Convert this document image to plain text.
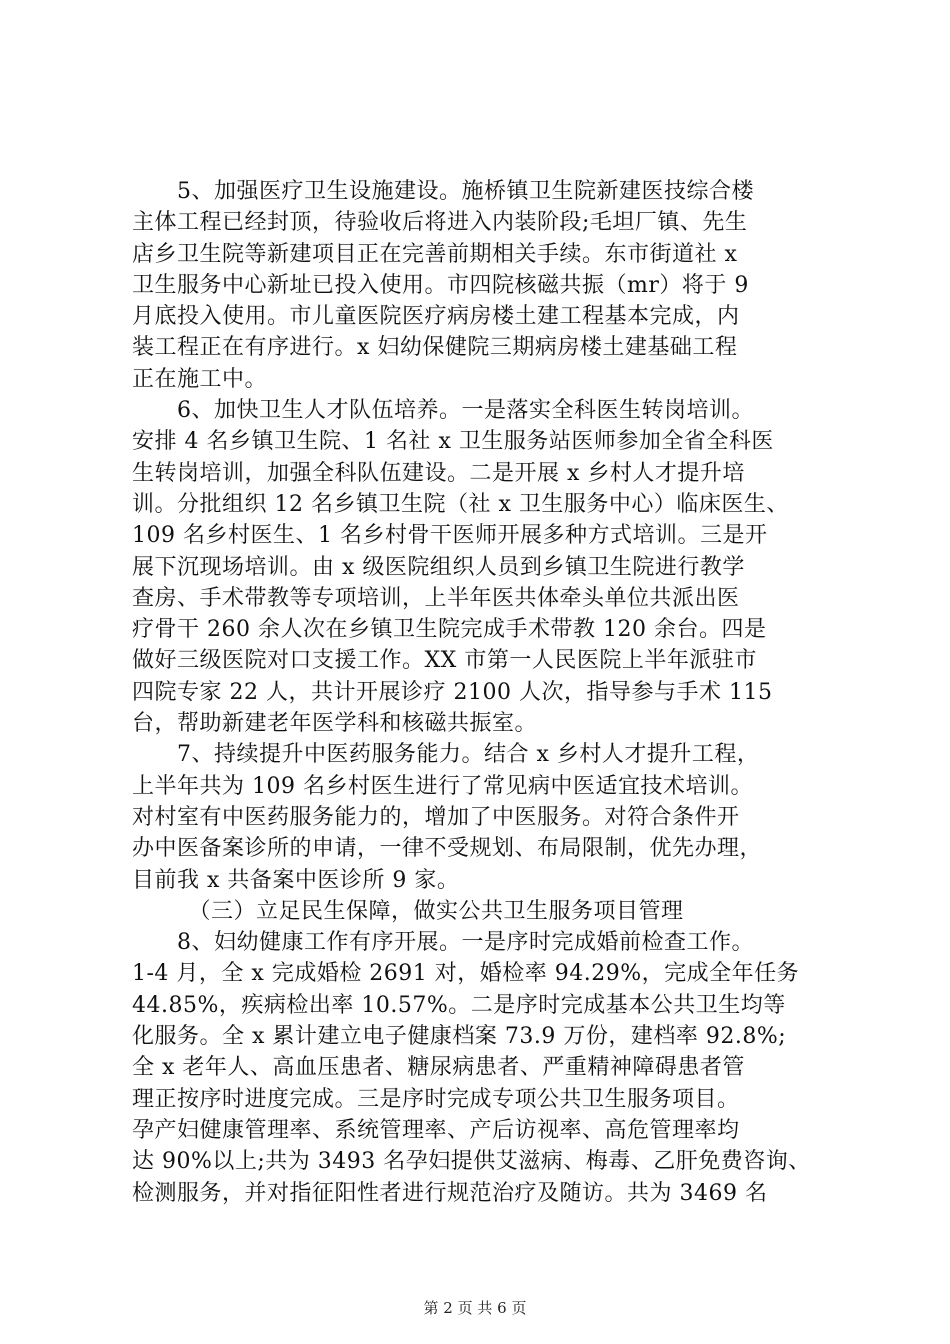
　　5、加强医疗卫生设施建设。施桥镇卫生院新建医技综合楼
主体工程已经封顶，待验收后将进入内装阶段;毛坦厂镇、先生
店乡卫生院等新建项目正在完善前期相关手续。东市街道社 x
卫生服务中心新址已投入使用。市四院核磁共振（mr）将于 9
月底投入使用。市儿童医院医疗病房楼土建工程基本完成，内
装工程正在有序进行。x 妇幼保健院三期病房楼土建基础工程
正在施工中。
　　6、加快卫生人才队伍培养。一是落实全科医生转岗培训。
安排 4 名乡镇卫生院、1 名社 x 卫生服务站医师参加全省全科医
生转岗培训，加强全科队伍建设。二是开展 x 乡村人才提升培
训。分批组织 12 名乡镇卫生院（社 x 卫生服务中心）临床医生、
109 名乡村医生、1 名乡村骨干医师开展多种方式培训。三是开
展下沉现场培训。由 x 级医院组织人员到乡镇卫生院进行教学
查房、手术带教等专项培训，上半年医共体牵头单位共派出医
疗骨干 260 余人次在乡镇卫生院完成手术带教 120 余台。四是
做好三级医院对口支援工作。XX 市第一人民医院上半年派驻市
四院专家 22 人，共计开展诊疗 2100 人次，指导参与手术 115
台，帮助新建老年医学科和核磁共振室。
　　7、持续提升中医药服务能力。结合 x 乡村人才提升工程，
上半年共为 109 名乡村医生进行了常见病中医适宜技术培训。
对村室有中医药服务能力的，增加了中医服务。对符合条件开
办中医备案诊所的申请，一律不受规划、布局限制，优先办理，
目前我 x 共备案中医诊所 9 家。
　　　（三）立足民生保障，做实公共卫生服务项目管理
　　8、妇幼健康工作有序开展。一是序时完成婚前检查工作。
1-4 月，全 x 完成婚检 2691 对，婚检率 94.29%，完成全年任务
44.85%，疾病检出率 10.57%。二是序时完成基本公共卫生均等
化服务。全 x 累计建立电子健康档案 73.9 万份，建档率 92.8%;
全 x 老年人、高血压患者、糖尿病患者、严重精神障碍患者管
理正按序时进度完成。三是序时完成专项公共卫生服务项目。
孕产妇健康管理率、系统管理率、产后访视率、高危管理率均
达 90%以上;共为 3493 名孕妇提供艾滋病、梅毒、乙肝免费咨询、
检测服务，并对指征阳性者进行规范治疗及随访。共为 3469 名
第 2 页 共 6 页
